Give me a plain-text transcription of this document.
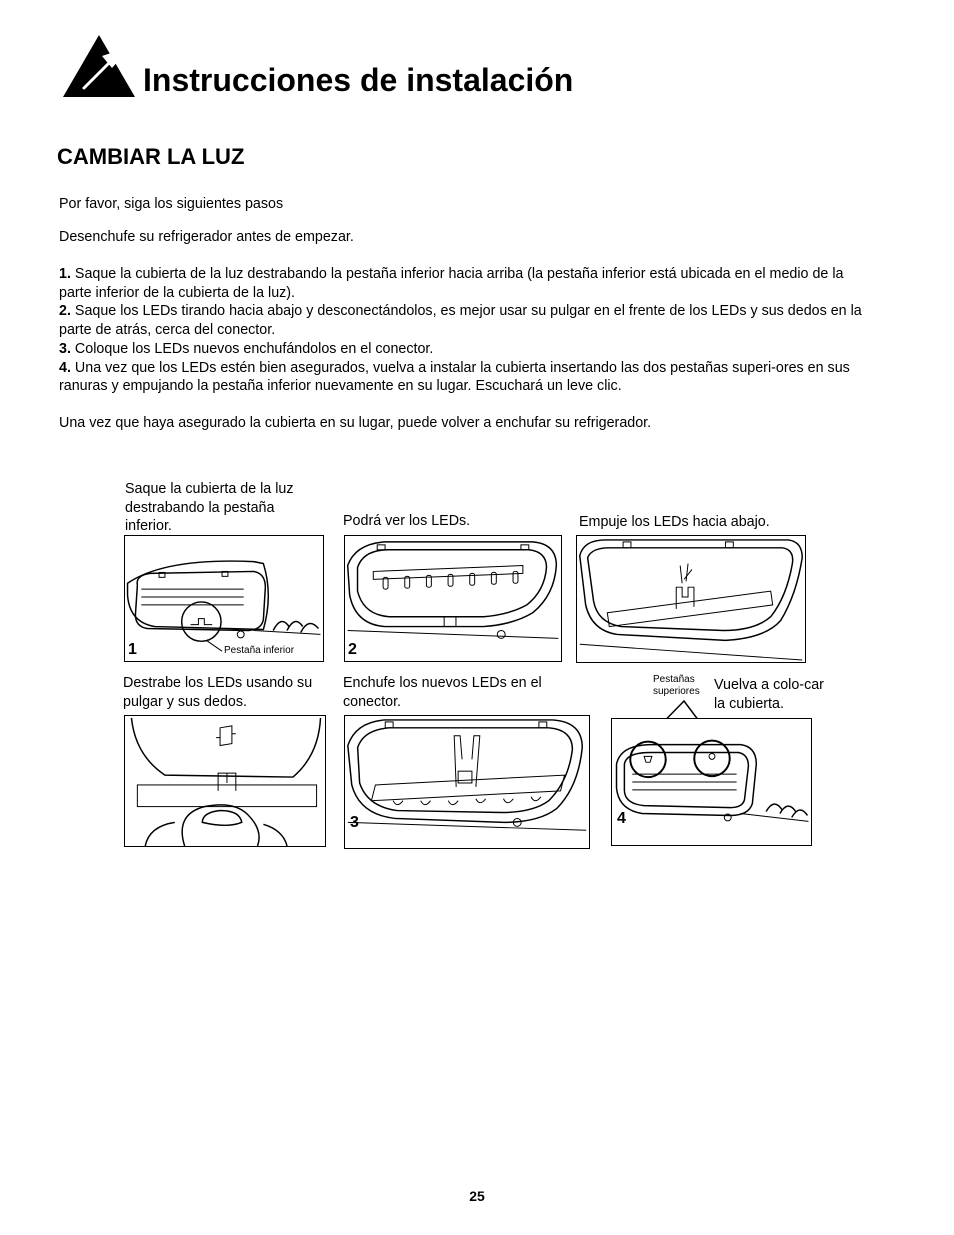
Instrucciones de instalación
CAMBIAR LA LUZ
Por favor, siga los siguientes pasos
Desenchufe su refrigerador antes de empezar.
1. Saque la cubierta de la luz destrabando la pestaña inferior hacia arriba (la pestaña inferior está ubicada en el medio de la parte inferior de la cubierta de la luz).
2. Saque los LEDs tirando hacia abajo y desconectándolos, es mejor usar su pulgar en el frente de los LEDs y sus dedos en la parte de atrás, cerca del conector.
3. Coloque los LEDs nuevos enchufándolos en el conector.
4. Una vez que los LEDs estén bien asegurados, vuelva a instalar la cubierta insertando las dos pestañas superi-ores en sus ranuras y empujando la pestaña inferior nuevamente en su lugar. Escuchará un leve clic.
Una vez que haya asegurado la cubierta en su lugar, puede volver a enchufar su refrigerador.
Saque la cubierta de la luz destrabando la pestaña inferior.
1	Pestaña inferior
Podrá ver los LEDs.
2
Empuje los LEDs hacia abajo.
Destrabe los LEDs usando su pulgar y sus dedos.
Enchufe los nuevos LEDs en el conector.
3
Pestañas superiores Vuelva a colo-car la cubierta.
4
25
